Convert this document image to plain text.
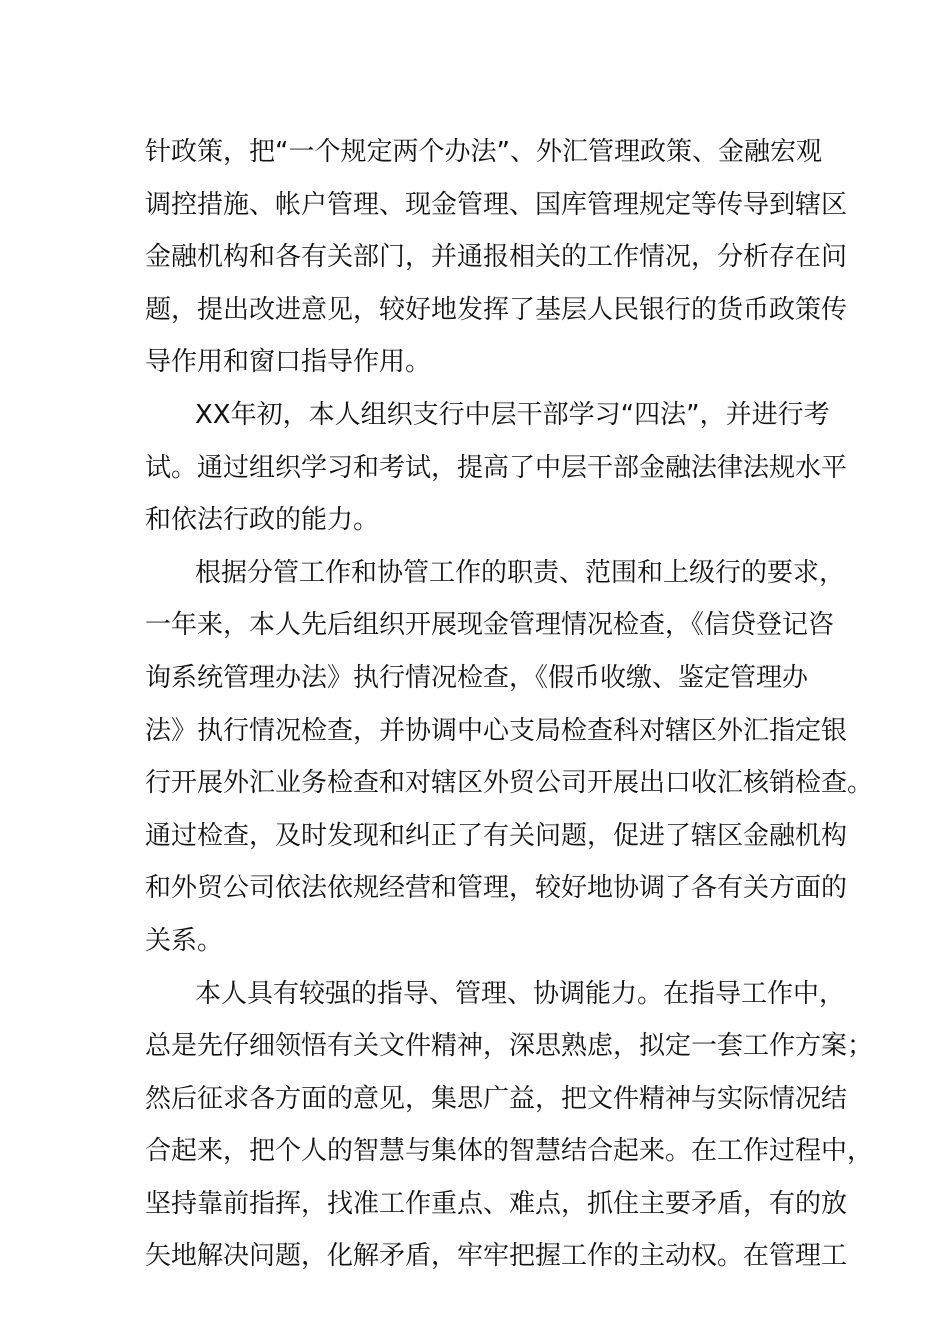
针政策，把“一个规定两个办法”、外汇管理政策、金融宏观
调控措施、帐户管理、现金管理、国库管理规定等传导到辖区
金融机构和各有关部门，并通报相关的工作情况，分析存在问
题，提出改进意见，较好地发挥了基层人民银行的货币政策传
导作用和窗口指导作用。
XX年初，本人组织支行中层干部学习“四法”，并进行考
试。通过组织学习和考试，提高了中层干部金融法律法规水平
和依法行政的能力。
根据分管工作和协管工作的职责、范围和上级行的要求，
一年来，本人先后组织开展现金管理情况检查，《信贷登记咨
询系统管理办法》执行情况检查，《假币收缴、鉴定管理办
法》执行情况检查，并协调中心支局检查科对辖区外汇指定银
行开展外汇业务检查和对辖区外贸公司开展出口收汇核销检查。
通过检查，及时发现和纠正了有关问题，促进了辖区金融机构
和外贸公司依法依规经营和管理，较好地协调了各有关方面的
关系。
本人具有较强的指导、管理、协调能力。在指导工作中，
总是先仔细领悟有关文件精神，深思熟虑，拟定一套工作方案；
然后征求各方面的意见，集思广益，把文件精神与实际情况结
合起来，把个人的智慧与集体的智慧结合起来。在工作过程中，
坚持靠前指挥，找准工作重点、难点，抓住主要矛盾，有的放
矢地解决问题，化解矛盾，牢牢把握工作的主动权。在管理工
